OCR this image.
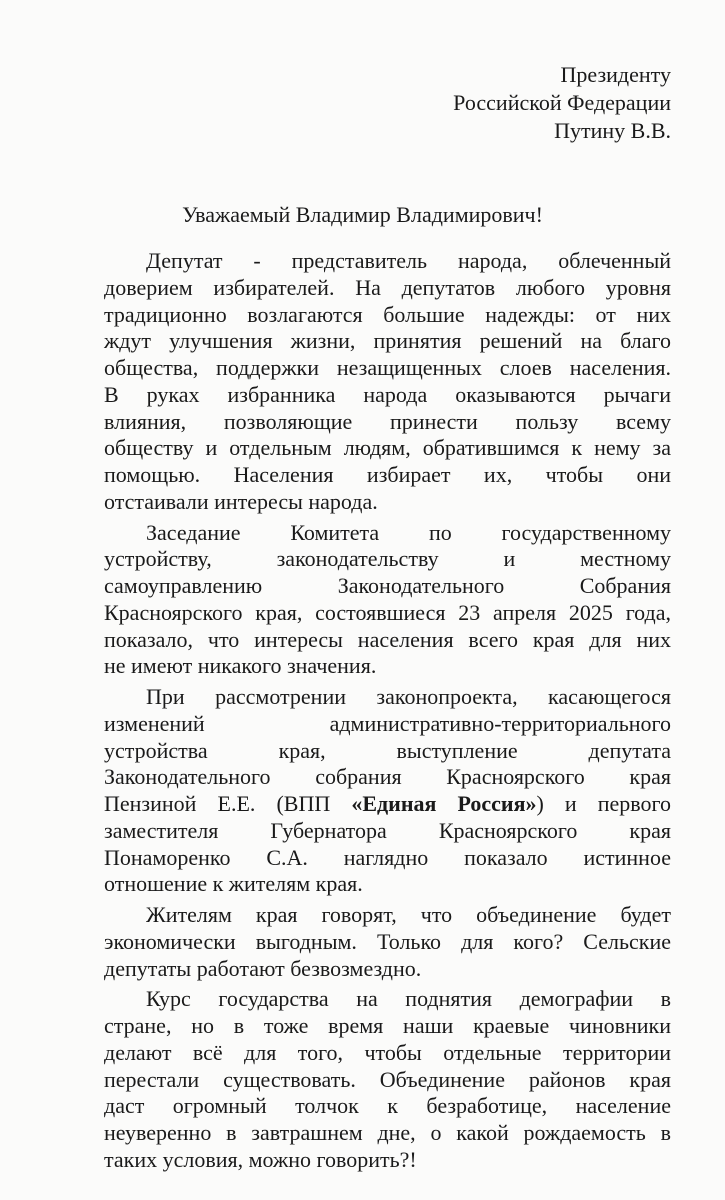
Президенту
Российской Федерации
Путину В.В.
Уважаемый Владимир Владимирович!
Депутат - представитель народа, облеченный
доверием избирателей. На депутатов любого уровня
традиционно возлагаются большие надежды: от них
ждут улучшения жизни, принятия решений на благо
общества, поддержки незащищенных слоев населения.
В руках избранника народа оказываются рычаги
влияния, позволяющие принести пользу всему
обществу и отдельным людям, обратившимся к нему за
помощью. Населения избирает их, чтобы они
отстаивали интересы народа.
Заседание Комитета по государственному
устройству, законодательству и местному
самоуправлению Законодательного Собрания
Красноярского края, состоявшиеся 23 апреля 2025 года,
показало, что интересы населения всего края для них
не имеют никакого значения.
При рассмотрении законопроекта, касающегося
изменений административно-территориального
устройства края, выступление депутата
Законодательного собрания Красноярского края
Пензиной Е.Е. (ВПП «Единая Россия») и первого
заместителя Губернатора Красноярского края
Понаморенко С.А. наглядно показало истинное
отношение к жителям края.
Жителям края говорят, что объединение будет
экономически выгодным. Только для кого? Сельские
депутаты работают безвозмездно.
Курс государства на поднятия демографии в
стране, но в тоже время наши краевые чиновники
делают всё для того, чтобы отдельные территории
перестали существовать. Объединение районов края
даст огромный толчок к безработице, население
неуверенно в завтрашнем дне, о какой рождаемость в
таких условия, можно говорить?!
